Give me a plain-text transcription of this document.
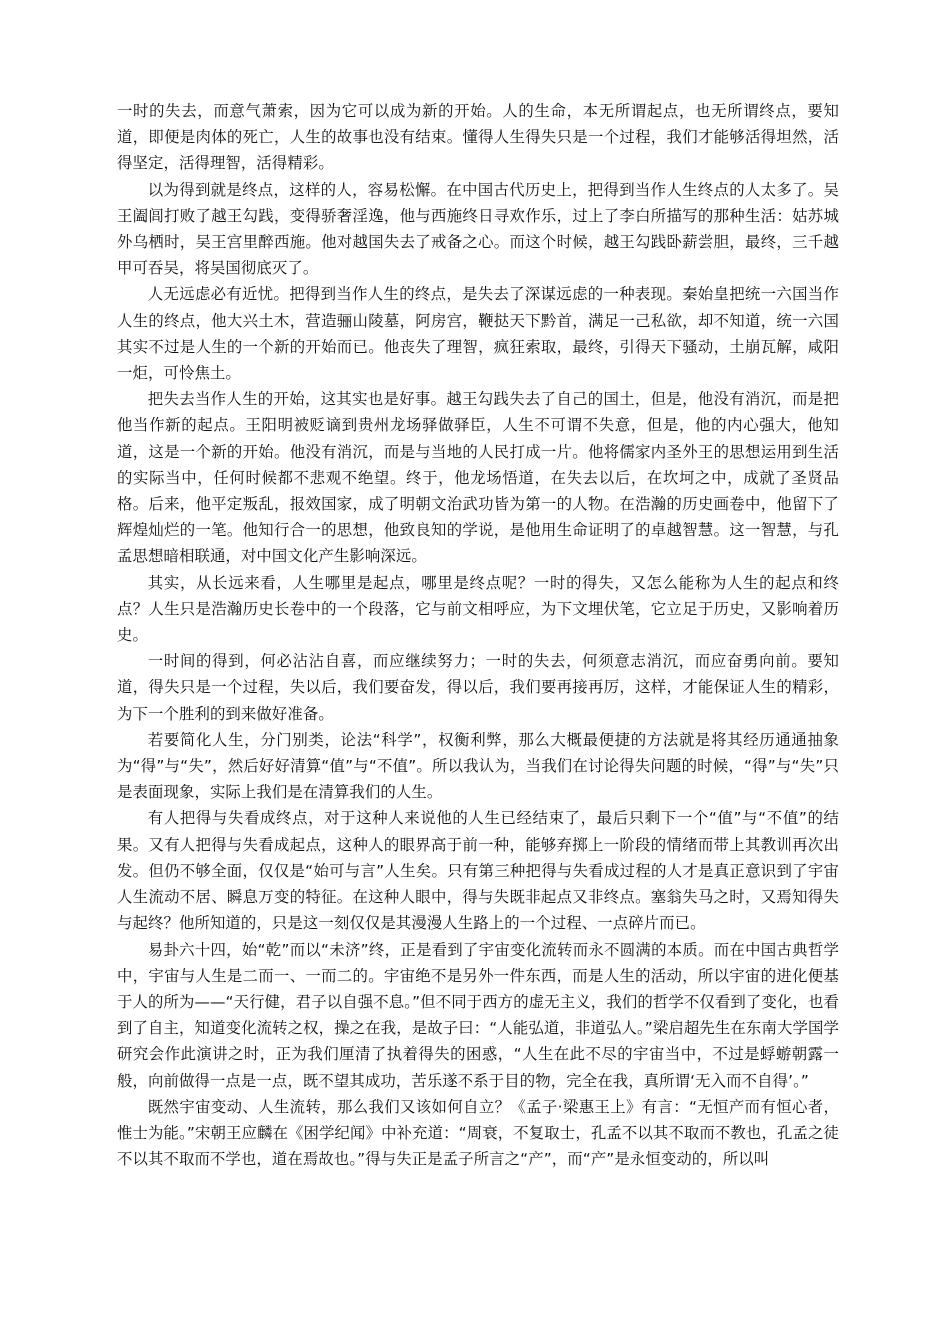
一时的失去，而意气萧索，因为它可以成为新的开始。人的生命，本无所谓起点，也无所谓终点，要知道，即便是肉体的死亡，人生的故事也没有结束。懂得人生得失只是一个过程，我们才能够活得坦然，活得坚定，活得理智，活得精彩。

以为得到就是终点，这样的人，容易松懈。在中国古代历史上，把得到当作人生终点的人太多了。吴王阖闾打败了越王勾践，变得骄奢淫逸，他与西施终日寻欢作乐，过上了李白所描写的那种生活：姑苏城外乌栖时，吴王宫里醉西施。他对越国失去了戒备之心。而这个时候，越王勾践卧薪尝胆，最终，三千越甲可吞吴，将吴国彻底灭了。

人无远虑必有近忧。把得到当作人生的终点，是失去了深谋远虑的一种表现。秦始皇把统一六国当作人生的终点，他大兴土木，营造骊山陵墓，阿房宫，鞭挞天下黔首，满足一己私欲，却不知道，统一六国其实不过是人生的一个新的开始而已。他丧失了理智，疯狂索取，最终，引得天下骚动，土崩瓦解，咸阳一炬，可怜焦土。

把失去当作人生的开始，这其实也是好事。越王勾践失去了自己的国土，但是，他没有消沉，而是把他当作新的起点。王阳明被贬谪到贵州龙场驿做驿臣，人生不可谓不失意，但是，他的内心强大，他知道，这是一个新的开始。他没有消沉，而是与当地的人民打成一片。他将儒家内圣外王的思想运用到生活的实际当中，任何时候都不悲观不绝望。终于，他龙场悟道，在失去以后，在坎坷之中，成就了圣贤品格。后来，他平定叛乱，报效国家，成了明朝文治武功皆为第一的人物。在浩瀚的历史画卷中，他留下了辉煌灿烂的一笔。他知行合一的思想，他致良知的学说，是他用生命证明了的卓越智慧。这一智慧，与孔孟思想暗相联通，对中国文化产生影响深远。

其实，从长远来看，人生哪里是起点，哪里是终点呢？一时的得失，又怎么能称为人生的起点和终点？人生只是浩瀚历史长卷中的一个段落，它与前文相呼应，为下文埋伏笔，它立足于历史，又影响着历史。

一时间的得到，何必沾沾自喜，而应继续努力；一时的失去，何须意志消沉，而应奋勇向前。要知道，得失只是一个过程，失以后，我们要奋发，得以后，我们要再接再厉，这样，才能保证人生的精彩，为下一个胜利的到来做好准备。

若要简化人生，分门别类，论法“科学”，权衡利弊，那么大概最便捷的方法就是将其经历通通抽象为“得”与“失”，然后好好清算“值”与“不值”。所以我认为，当我们在讨论得失问题的时候，“得”与“失”只是表面现象，实际上我们是在清算我们的人生。

有人把得与失看成终点，对于这种人来说他的人生已经结束了，最后只剩下一个“值”与“不值”的结果。又有人把得与失看成起点，这种人的眼界高于前一种，能够弃掷上一阶段的情绪而带上其教训再次出发。但仍不够全面，仅仅是“始可与言”人生矣。只有第三种把得与失看成过程的人才是真正意识到了宇宙人生流动不居、瞬息万变的特征。在这种人眼中，得与失既非起点又非终点。塞翁失马之时，又焉知得失与起终？他所知道的，只是这一刻仅仅是其漫漫人生路上的一个过程、一点碎片而已。

易卦六十四，始“乾”而以“未济”终，正是看到了宇宙变化流转而永不圆满的本质。而在中国古典哲学中，宇宙与人生是二而一、一而二的。宇宙绝不是另外一件东西，而是人生的活动，所以宇宙的进化便基于人的所为——“天行健，君子以自强不息。”但不同于西方的虚无主义，我们的哲学不仅看到了变化，也看到了自主，知道变化流转之权，操之在我，是故子曰：“人能弘道，非道弘人。”梁启超先生在东南大学国学研究会作此演讲之时，正为我们厘清了执着得失的困惑，“人生在此不尽的宇宙当中，不过是蜉蝣朝露一般，向前做得一点是一点，既不望其成功，苦乐遂不系于目的物，完全在我，真所谓‘无入而不自得’。”

既然宇宙变动、人生流转，那么我们又该如何自立？《孟子·梁惠王上》有言：“无恒产而有恒心者，惟士为能。”宋朝王应麟在《困学纪闻》中补充道：“周衰，不复取士，孔孟不以其不取而不教也，孔孟之徒不以其不取而不学也，道在焉故也。”得与失正是孟子所言之“产”，而“产”是永恒变动的，所以叫
